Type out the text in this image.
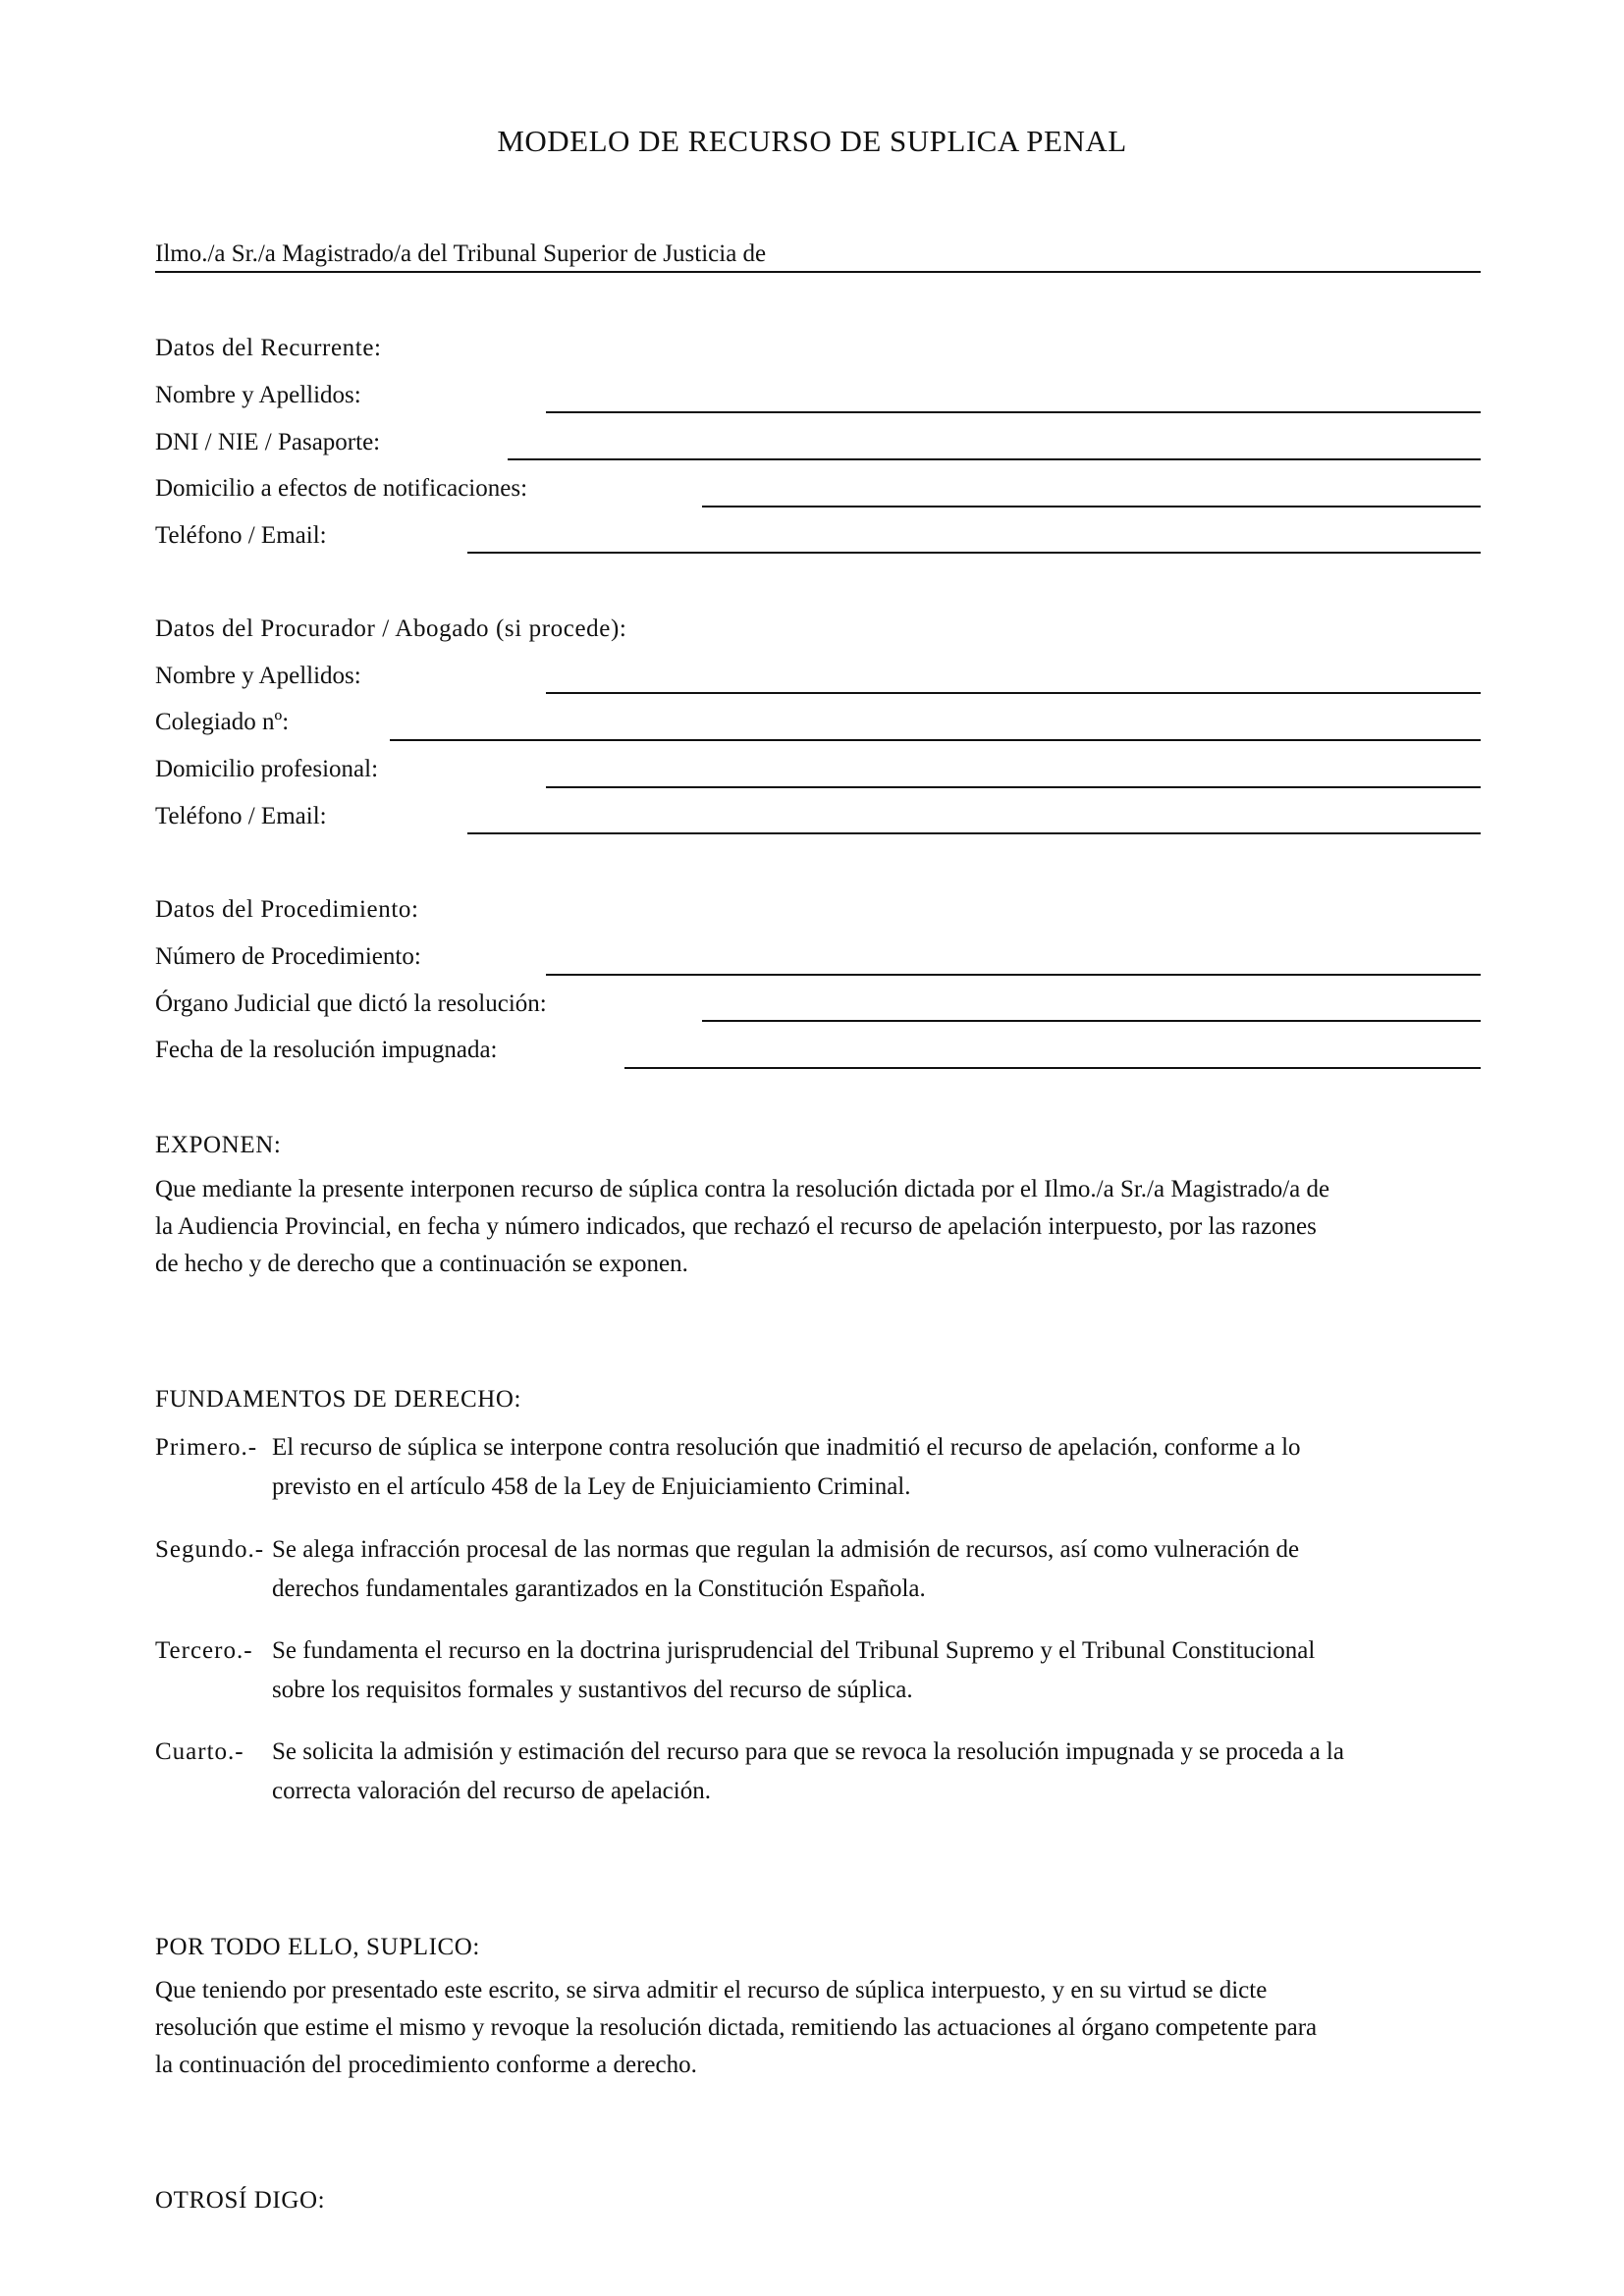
MODELO DE RECURSO DE SUPLICA PENAL
Ilmo./a Sr./a Magistrado/a del Tribunal Superior de Justicia de
Datos del Recurrente:
Nombre y Apellidos:
DNI / NIE / Pasaporte:
Domicilio a efectos de notificaciones:
Teléfono / Email:
Datos del Procurador / Abogado (si procede):
Nombre y Apellidos:
Colegiado nº:
Domicilio profesional:
Teléfono / Email:
Datos del Procedimiento:
Número de Procedimiento:
Órgano Judicial que dictó la resolución:
Fecha de la resolución impugnada:
EXPONEN:
Que mediante la presente interponen recurso de súplica contra la resolución dictada por el Ilmo./a Sr./a Magistrado/a de
la Audiencia Provincial, en fecha y número indicados, que rechazó el recurso de apelación interpuesto, por las razones
de hecho y de derecho que a continuación se exponen.
FUNDAMENTOS DE DERECHO:
Primero.- El recurso de súplica se interpone contra resolución que inadmitió el recurso de apelación, conforme a lo
previsto en el artículo 458 de la Ley de Enjuiciamiento Criminal.
Segundo.- Se alega infracción procesal de las normas que regulan la admisión de recursos, así como vulneración de
derechos fundamentales garantizados en la Constitución Española.
Tercero.- Se fundamenta el recurso en la doctrina jurisprudencial del Tribunal Supremo y el Tribunal Constitucional
sobre los requisitos formales y sustantivos del recurso de súplica.
Cuarto.- Se solicita la admisión y estimación del recurso para que se revoca la resolución impugnada y se proceda a la
correcta valoración del recurso de apelación.
POR TODO ELLO, SUPLICO:
Que teniendo por presentado este escrito, se sirva admitir el recurso de súplica interpuesto, y en su virtud se dicte
resolución que estime el mismo y revoque la resolución dictada, remitiendo las actuaciones al órgano competente para
la continuación del procedimiento conforme a derecho.
OTROSÍ DIGO:
